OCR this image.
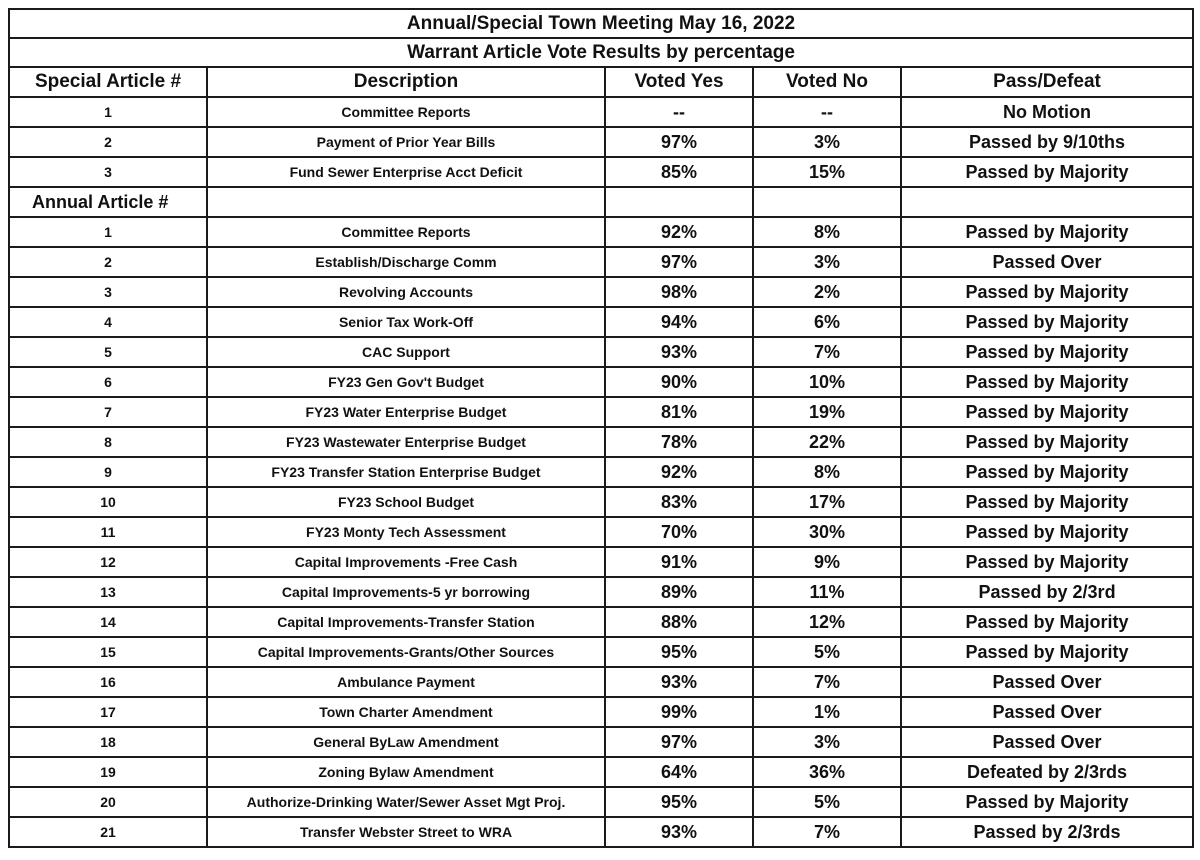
Annual/Special Town Meeting May 16, 2022				
Warrant Article Vote Results by percentage				
Special Article #	Description	Voted Yes	Voted No	Pass/Defeat
1	Committee Reports	--	--	No Motion
2	Payment of Prior Year Bills	97%	3%	Passed by 9/10ths
3	Fund Sewer Enterprise Acct Deficit	85%	15%	Passed by Majority
Annual Article #				
1	Committee Reports	92%	8%	Passed by Majority
2	Establish/Discharge Comm	97%	3%	Passed Over
3	Revolving Accounts	98%	2%	Passed by Majority
4	Senior Tax Work-Off	94%	6%	Passed by Majority
5	CAC Support	93%	7%	Passed by Majority
6	FY23 Gen Gov't Budget	90%	10%	Passed by Majority
7	FY23 Water Enterprise Budget	81%	19%	Passed by Majority
8	FY23 Wastewater Enterprise Budget	78%	22%	Passed by Majority
9	FY23 Transfer Station Enterprise Budget	92%	8%	Passed by Majority
10	FY23 School Budget	83%	17%	Passed by Majority
11	FY23 Monty Tech Assessment	70%	30%	Passed by Majority
12	Capital Improvements -Free Cash	91%	9%	Passed by Majority
13	Capital Improvements-5 yr borrowing	89%	11%	Passed by 2/3rd
14	Capital Improvements-Transfer Station	88%	12%	Passed by Majority
15	Capital Improvements-Grants/Other Sources	95%	5%	Passed by Majority
16	Ambulance Payment	93%	7%	Passed Over
17	Town Charter Amendment	99%	1%	Passed Over
18	General ByLaw Amendment	97%	3%	Passed Over
19	Zoning Bylaw Amendment	64%	36%	Defeated by 2/3rds
20	Authorize-Drinking Water/Sewer Asset Mgt Proj.	95%	5%	Passed by Majority
21	Transfer Webster Street to WRA	93%	7%	Passed by 2/3rds
